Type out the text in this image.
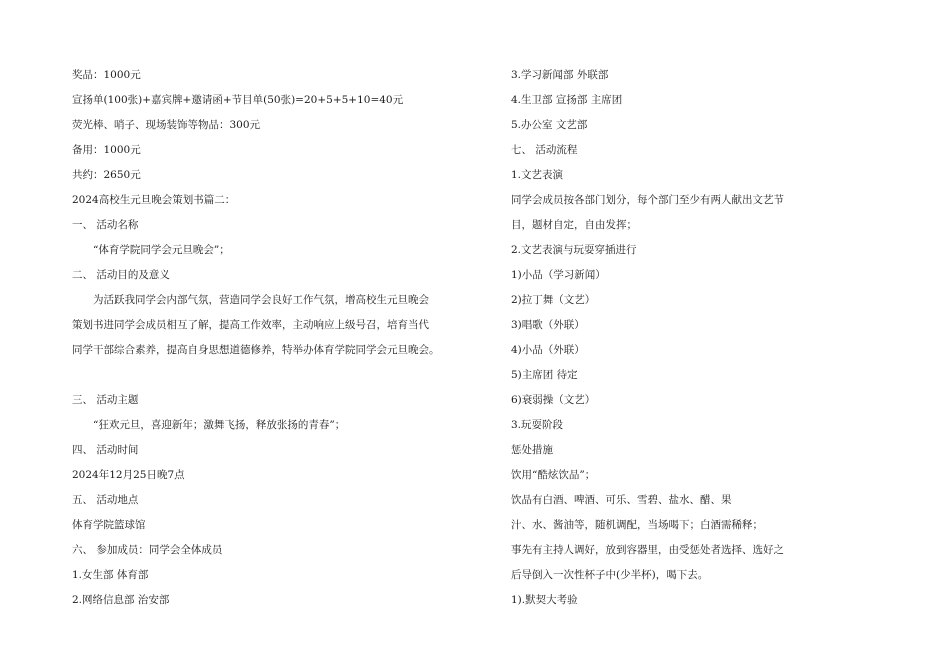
奖品：1000元
宣扬单(100张)+嘉宾牌+邀请函+节目单(50张)=20+5+5+10=40元
荧光棒、哨子、现场装饰等物品：300元
备用：1000元
共约：2650元
2024高校生元旦晚会策划书篇二：
一、 活动名称
“体育学院同学会元旦晚会”；
二、 活动目的及意义
为活跃我同学会内部气氛，营造同学会良好工作气氛，增高校生元旦晚会
策划书进同学会成员相互了解，提高工作效率，主动响应上级号召，培育当代
同学干部综合素养，提高自身思想道德修养，特举办体育学院同学会元旦晚会。
三、 活动主题
“狂欢元旦，喜迎新年；激舞飞扬，释放张扬的青春”；
四、 活动时间
2024年12月25日晚7点
五、 活动地点
体育学院篮球馆
六、 参加成员：同学会全体成员
1.女生部 体育部
2.网络信息部 治安部
3.学习新闻部 外联部
4.生卫部 宣扬部 主席团
5.办公室 文艺部
七、 活动流程
1.文艺表演
同学会成员按各部门划分，每个部门至少有两人献出文艺节
目，题材自定，自由发挥；
2.文艺表演与玩耍穿插进行
1)小品（学习新闻）
2)拉丁舞（文艺）
3)唱歌（外联）
4)小品（外联）
5)主席团 待定
6)衰弱操（文艺）
3.玩耍阶段
惩处措施
饮用“酷炫饮品”；
饮品有白酒、啤酒、可乐、雪碧、盐水、醋、果
汁、水、酱油等，随机调配，当场喝下；白酒需稀释；
事先有主持人调好，放到容器里，由受惩处者选择、选好之
后导倒入一次性杯子中(少半杯)，喝下去。
1).默契大考验
